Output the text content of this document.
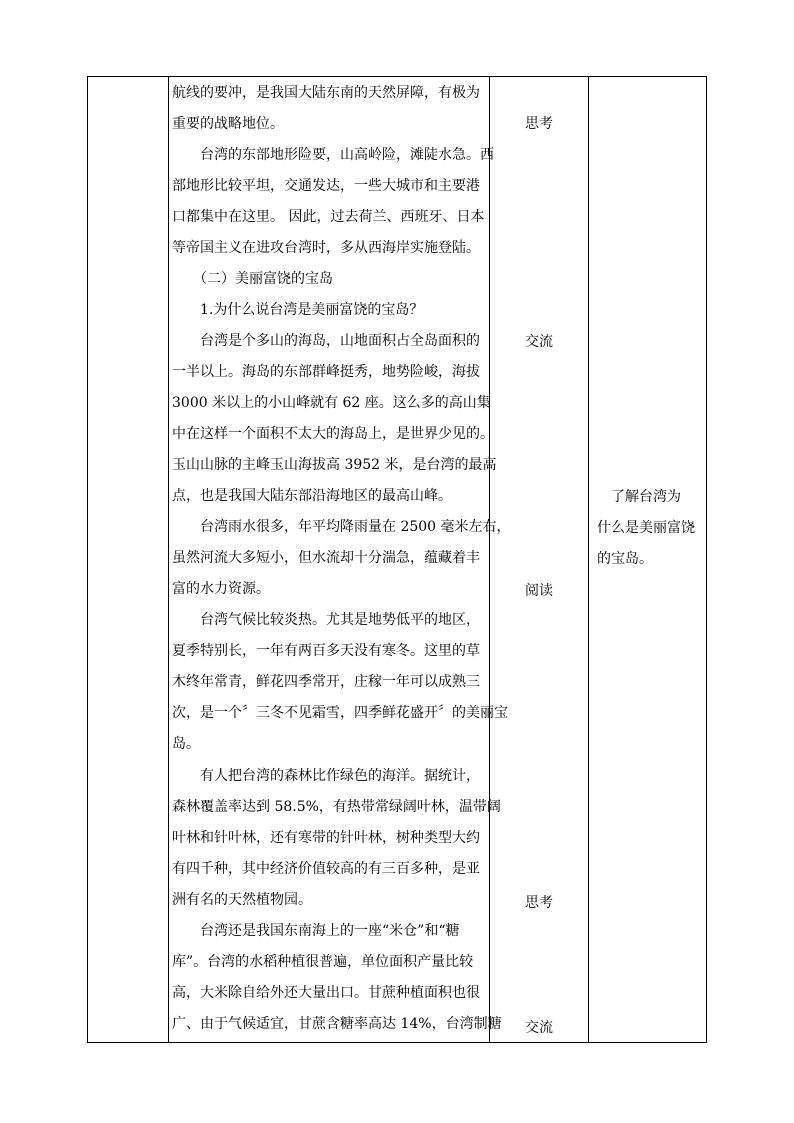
航线的要冲，是我国大陆东南的天然屏障，有极为
重要的战略地位。
　　台湾的东部地形险要，山高岭险，滩陡水急。西
部地形比较平坦，交通发达，一些大城市和主要港
口都集中在这里。 因此，过去荷兰、西班牙、日本
等帝国主义在进攻台湾时，多从西海岸实施登陆。
　　（二）美丽富饶的宝岛
　　1.为什么说台湾是美丽富饶的宝岛？
　　台湾是个多山的海岛，山地面积占全岛面积的
一半以上。海岛的东部群峰挺秀，地势险峻，海拔
3000 米以上的小山峰就有 62 座。这么多的高山集
中在这样一个面积不太大的海岛上，是世界少见的。
玉山山脉的主峰玉山海拔高 3952 米，是台湾的最高
点，也是我国大陆东部沿海地区的最高山峰。
　　台湾雨水很多，年平均降雨量在 2500 毫米左右，
虽然河流大多短小，但水流却十分湍急，蕴藏着丰
富的水力资源。
　　台湾气候比较炎热。尤其是地势低平的地区，
夏季特别长，一年有两百多天没有寒冬。这里的草
木终年常青，鲜花四季常开，庄稼一年可以成熟三
次，是一个〞三冬不见霜雪，四季鲜花盛开〞的美丽宝
岛。
　　有人把台湾的森林比作绿色的海洋。据统计，
森林覆盖率达到 58.5%，有热带常绿阔叶林，温带阔
叶林和针叶林，还有寒带的针叶林，树种类型大约
有四千种，其中经济价值较高的有三百多种，是亚
洲有名的天然植物园。
　　台湾还是我国东南海上的一座“米仓”和“糖
库”。台湾的水稻种植很普遍，单位面积产量比较
高，大米除自给外还大量出口。甘蔗种植面积也很
广、由于气候适宜，甘蔗含糖率高达 14%，台湾制糖
思考
交流
阅读
思考
交流
　了解台湾为
什么是美丽富饶
的宝岛。
